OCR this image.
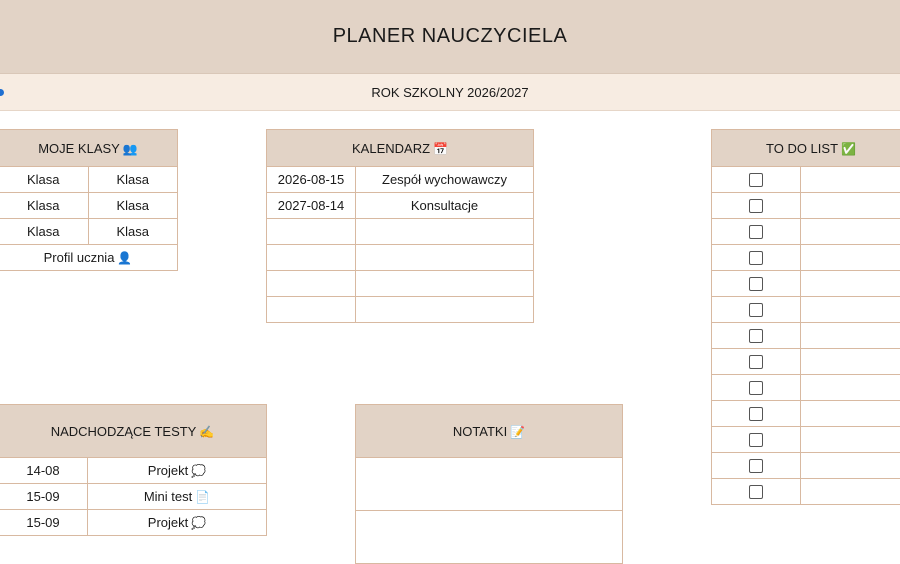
PLANER NAUCZYCIELA
ROK SZKOLNY 2026/2027
MOJE KLASY 👥	
Klasa	Klasa
Klasa	Klasa
Klasa	Klasa
Profil ucznia 👤	
KALENDARZ 📅	
2026-08-15	Zespół wychowawczy
2027-08-14	Konsultacje

TO DO LIST ✅	

NADCHODZĄCE TESTY ✍️	
14-08	Projekt 💭
15-09	Mini test 📄
15-09	Projekt 💭
NOTATKI 📝
